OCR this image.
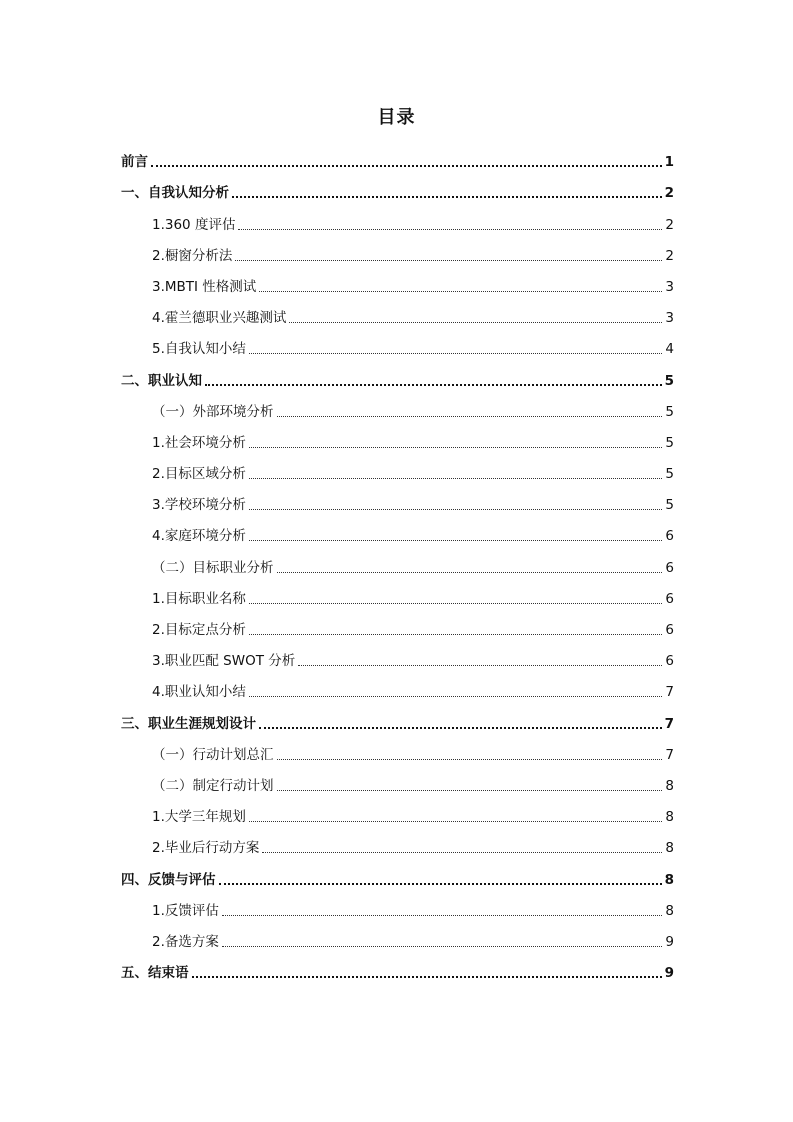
目录
前言	1
一、自我认知分析	2
1.360 度评估	2
2.橱窗分析法	2
3.MBTI 性格测试	3
4.霍兰德职业兴趣测试	3
5.自我认知小结	4
二、职业认知	5
（一）外部环境分析	5
1.社会环境分析	5
2.目标区域分析	5
3.学校环境分析	5
4.家庭环境分析	6
（二）目标职业分析	6
1.目标职业名称	6
2.目标定点分析	6
3.职业匹配 SWOT 分析	6
4.职业认知小结	7
三、职业生涯规划设计	7
（一）行动计划总汇	7
（二）制定行动计划	8
1.大学三年规划	8
2.毕业后行动方案	8
四、反馈与评估	8
1.反馈评估	8
2.备选方案	9
五、结束语	9
